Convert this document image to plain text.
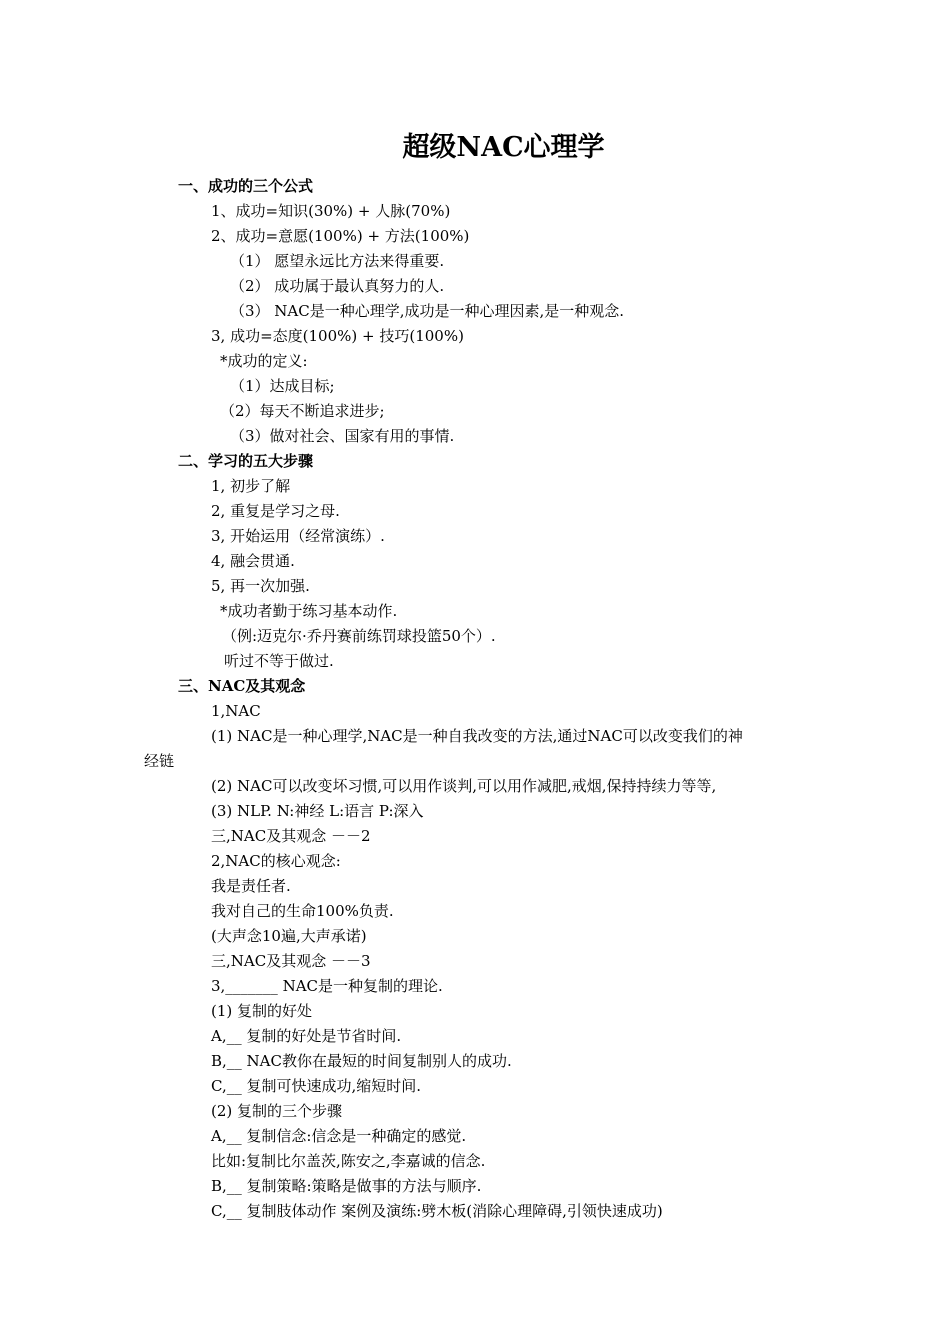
超级NAC心理学
一、成功的三个公式
1、成功=知识(30%) + 人脉(70%)
2、成功=意愿(100%) + 方法(100%)
（1） 愿望永远比方法来得重要.
（2） 成功属于最认真努力的人.
（3） NAC是一种心理学,成功是一种心理因素,是一种观念.
3, 成功=态度(100%) + 技巧(100%)
*成功的定义:
（1）达成目标;
（2）每天不断追求进步;
（3）做对社会、国家有用的事情.
二、学习的五大步骤
1, 初步了解
2, 重复是学习之母.
3, 开始运用（经常演练）.
4, 融会贯通.
5, 再一次加强.
*成功者勤于练习基本动作.
（例:迈克尔·乔丹赛前练罚球投篮50个）.
听过不等于做过.
三、NAC及其观念
1,NAC
(1) NAC是一种心理学,NAC是一种自我改变的方法,通过NAC可以改变我们的神
经链
(2) NAC可以改变坏习惯,可以用作谈判,可以用作减肥,戒烟,保持持续力等等,
(3) NLP. N:神经 L:语言 P:深入
三,NAC及其观念 －－2
2,NAC的核心观念:
我是责任者.
我对自己的生命100%负责.
(大声念10遍,大声承诺)
三,NAC及其观念 －－3
3,_______ NAC是一种复制的理论.
(1) 复制的好处
A,__ 复制的好处是节省时间.
B,__ NAC教你在最短的时间复制别人的成功.
C,__ 复制可快速成功,缩短时间.
(2) 复制的三个步骤
A,__ 复制信念:信念是一种确定的感觉.
比如:复制比尔盖茨,陈安之,李嘉诚的信念.
B,__ 复制策略:策略是做事的方法与顺序.
C,__ 复制肢体动作 案例及演练:劈木板(消除心理障碍,引领快速成功)
